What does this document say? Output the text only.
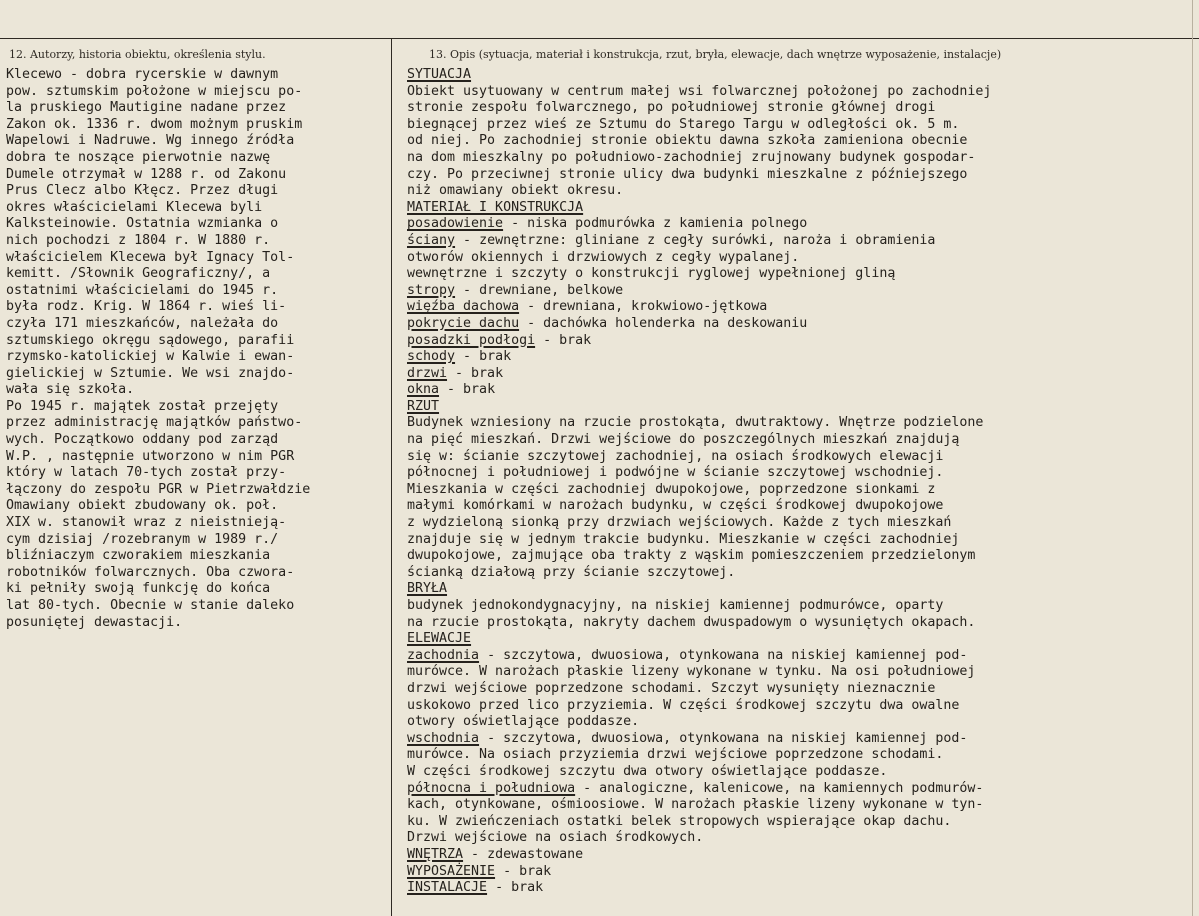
12. Autorzy, historia obiektu, określenia stylu.	13. Opis (sytuacja, materiał i konstrukcja, rzut, bryła, elewacje, dach wnętrze wyposażenie, instalacje)
Klecewo - dobra rycerskie w dawnym
pow. sztumskim położone w miejscu po-
la pruskiego Mautigine nadane przez
Zakon ok. 1336 r. dwom możnym pruskim
Wapelowi i Nadruwe. Wg innego źródła
dobra te noszące pierwotnie nazwę
Dumele otrzymał w 1288 r. od Zakonu
Prus Clecz albo Kłęcz. Przez długi
okres właścicielami Klecewa byli
Kalksteinowie. Ostatnia wzmianka o
nich pochodzi z 1804 r. W 1880 r.
właścicielem Klecewa był Ignacy Tol-
kemitt. /Słownik Geograficzny/, a
ostatnimi właścicielami do 1945 r.
była rodz. Krig. W 1864 r. wieś li-
czyła 171 mieszkańców, należała do
sztumskiego okręgu sądowego, parafii
rzymsko-katolickiej w Kalwie i ewan-
gielickiej w Sztumie. We wsi znajdo-
wała się szkoła.
Po 1945 r. majątek został przejęty
przez administrację majątków państwo-
wych. Początkowo oddany pod zarząd
W.P. , następnie utworzono w nim PGR
który w latach 70-tych został przy-
łączony do zespołu PGR w Pietrzwałdzie
Omawiany obiekt zbudowany ok. poł.
XIX w. stanowił wraz z nieistnieją-
cym dzisiaj /rozebranym w 1989 r./
bliźniaczym czworakiem mieszkania
robotników folwarcznych. Oba czwora-
ki pełniły swoją funkcję do końca
lat 80-tych. Obecnie w stanie daleko
posuniętej dewastacji.
SYTUACJA
Obiekt usytuowany w centrum małej wsi folwarcznej położonej po zachodniej
stronie zespołu folwarcznego, po południowej stronie głównej drogi
biegnącej przez wieś ze Sztumu do Starego Targu w odległości ok. 5 m.
od niej. Po zachodniej stronie obiektu dawna szkoła zamieniona obecnie
na dom mieszkalny po południowo-zachodniej zrujnowany budynek gospodar-
czy. Po przeciwnej stronie ulicy dwa budynki mieszkalne z późniejszego
niż omawiany obiekt okresu.
MATERIAŁ I KONSTRUKCJA
posadowienie - niska podmurówka z kamienia polnego
ściany - zewnętrzne: gliniane z cegły surówki, naroża i obramienia
otworów okiennych i drzwiowych z cegły wypalanej.
wewnętrzne i szczyty o konstrukcji ryglowej wypełnionej gliną
stropy - drewniane, belkowe
więźba dachowa - drewniana, krokwiowo-jętkowa
pokrycie dachu - dachówka holenderka na deskowaniu
posadzki podłogi - brak
schody - brak
drzwi - brak
okna - brak
RZUT
Budynek wzniesiony na rzucie prostokąta, dwutraktowy. Wnętrze podzielone
na pięć mieszkań. Drzwi wejściowe do poszczególnych mieszkań znajdują
się w: ścianie szczytowej zachodniej, na osiach środkowych elewacji
północnej i południowej i podwójne w ścianie szczytowej wschodniej.
Mieszkania w części zachodniej dwupokojowe, poprzedzone sionkami z
małymi komórkami w narożach budynku, w części środkowej dwupokojowe
z wydzieloną sionką przy drzwiach wejściowych. Każde z tych mieszkań
znajduje się w jednym trakcie budynku. Mieszkanie w części zachodniej
dwupokojowe, zajmujące oba trakty z wąskim pomieszczeniem przedzielonym
ścianką działową przy ścianie szczytowej.
BRYŁA
budynek jednokondygnacyjny, na niskiej kamiennej podmurówce, oparty
na rzucie prostokąta, nakryty dachem dwuspadowym o wysuniętych okapach.
ELEWACJE
zachodnia - szczytowa, dwuosiowa, otynkowana na niskiej kamiennej pod-
murówce. W narożach płaskie lizeny wykonane w tynku. Na osi południowej
drzwi wejściowe poprzedzone schodami. Szczyt wysunięty nieznacznie
uskokowo przed lico przyziemia. W części środkowej szczytu dwa owalne
otwory oświetlające poddasze.
wschodnia - szczytowa, dwuosiowa, otynkowana na niskiej kamiennej pod-
murówce. Na osiach przyziemia drzwi wejściowe poprzedzone schodami.
W części środkowej szczytu dwa otwory oświetlające poddasze.
północna i południowa - analogiczne, kalenicowe, na kamiennych podmurów-
kach, otynkowane, ośmioosiowe. W narożach płaskie lizeny wykonane w tyn-
ku. W zwieńczeniach ostatki belek stropowych wspierające okap dachu.
Drzwi wejściowe na osiach środkowych.
WNĘTRZA - zdewastowane
WYPOSAŻENIE - brak
INSTALACJE - brak
